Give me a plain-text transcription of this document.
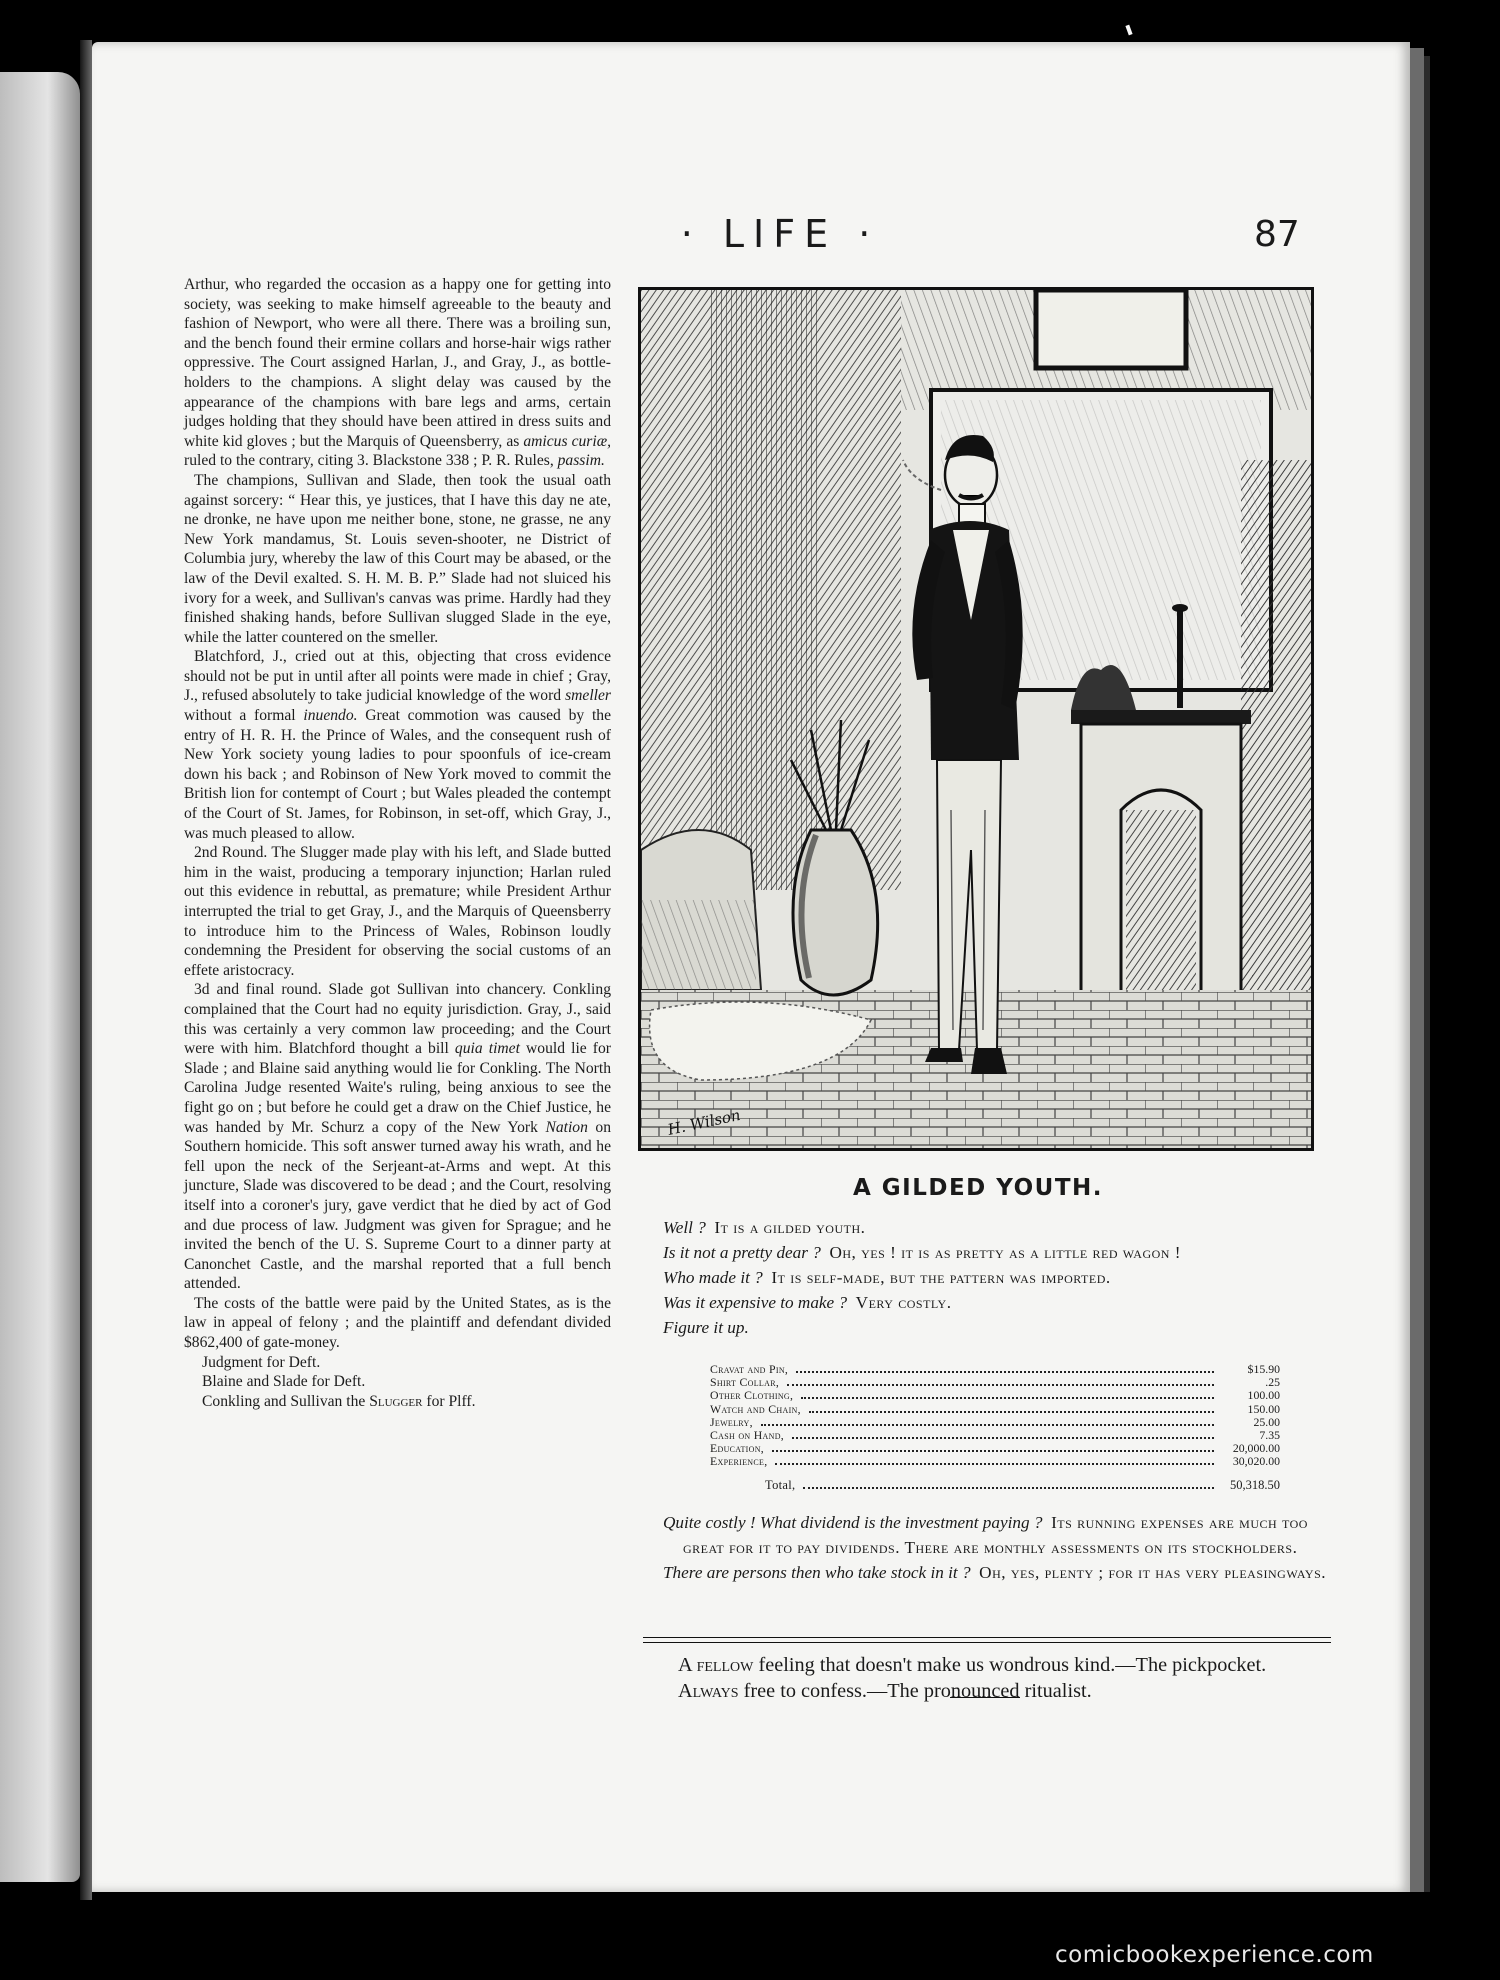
· LIFE ·	87

Arthur, who regarded the occasion as a happy one for getting into society, was seeking to make himself agreeable to the beauty and fashion of Newport, who were all there. There was a broiling sun, and the bench found their ermine collars and horse-hair wigs rather oppressive. The Court assigned Harlan, J., and Gray, J., as bottle-holders to the champions. A slight delay was caused by the appearance of the champions with bare legs and arms, certain judges holding that they should have been attired in dress suits and white kid gloves ; but the Marquis of Queensberry, as amicus curiæ, ruled to the contrary, citing 3. Blackstone 338 ; P. R. Rules, passim.

The champions, Sullivan and Slade, then took the usual oath against sorcery: “ Hear this, ye justices, that I have this day ne ate, ne dronke, ne have upon me neither bone, stone, ne grasse, ne any New York mandamus, St. Louis seven-shooter, ne District of Columbia jury, whereby the law of this Court may be abased, or the law of the Devil exalted. S. H. M. B. P.” Slade had not sluiced his ivory for a week, and Sullivan's canvas was prime. Hardly had they finished shaking hands, before Sullivan slugged Slade in the eye, while the latter countered on the smeller.

Blatchford, J., cried out at this, objecting that cross evidence should not be put in until after all points were made in chief ; Gray, J., refused absolutely to take judicial knowledge of the word smeller without a formal inuendo. Great commotion was caused by the entry of H. R. H. the Prince of Wales, and the consequent rush of New York society young ladies to pour spoonfuls of ice-cream down his back ; and Robinson of New York moved to commit the British lion for contempt of Court ; but Wales pleaded the contempt of the Court of St. James, for Robinson, in set-off, which Gray, J., was much pleased to allow.

2nd Round. The Slugger made play with his left, and Slade butted him in the waist, producing a temporary injunction; Harlan ruled out this evidence in rebuttal, as premature; while President Arthur interrupted the trial to get Gray, J., and the Marquis of Queensberry to introduce him to the Princess of Wales, Robinson loudly condemning the President for observing the social customs of an effete aristocracy.

3d and final round. Slade got Sullivan into chancery. Conkling complained that the Court had no equity jurisdiction. Gray, J., said this was certainly a very common law proceeding; and the Court were with him. Blatchford thought a bill quia timet would lie for Slade ; and Blaine said anything would lie for Conkling. The North Carolina Judge resented Waite's ruling, being anxious to see the fight go on ; but before he could get a draw on the Chief Justice, he was handed by Mr. Schurz a copy of the New York Nation on Southern homicide. This soft answer turned away his wrath, and he fell upon the neck of the Serjeant-at-Arms and wept. At this juncture, Slade was discovered to be dead ; and the Court, resolving itself into a coroner's jury, gave verdict that he died by act of God and due process of law. Judgment was given for Sprague; and he invited the bench of the U. S. Supreme Court to a dinner party at Canonchet Castle, and the marshal reported that a full bench attended.

The costs of the battle were paid by the United States, as is the law in appeal of felony ; and the plaintiff and defendant divided $862,400 of gate-money.

Judgment for Deft.

Blaine and Slade for Deft.

Conkling and Sullivan the Slugger for Plff.

H. Wilson
A GILDED YOUTH.

Well ? It is a gilded youth.

Is it not a pretty dear ? Oh, yes ! it is as pretty as a little red wagon !

Who made it ? It is self-made, but the pattern was imported.

Was it expensive to make ? Very costly.

Figure it up.

Cravat and Pin,	$15.90
Shirt Collar,	.25
Other Clothing,	100.00
Watch and Chain,	150.00
Jewelry,	25.00
Cash on Hand,	7.35
Education,	20,000.00
Experience,	30,020.00
Total,	50,318.50

Quite costly ! What dividend is the investment paying ? Its running expenses are much too great for it to pay dividends. There are monthly assessments on its stockholders.

There are persons then who take stock in it ? Oh, yes, plenty ; for it has very pleasingways.

A fellow feeling that doesn't make us wondrous kind.—The pickpocket.

Always free to confess.—The pronounced ritualist.

comicbookexperience.com
